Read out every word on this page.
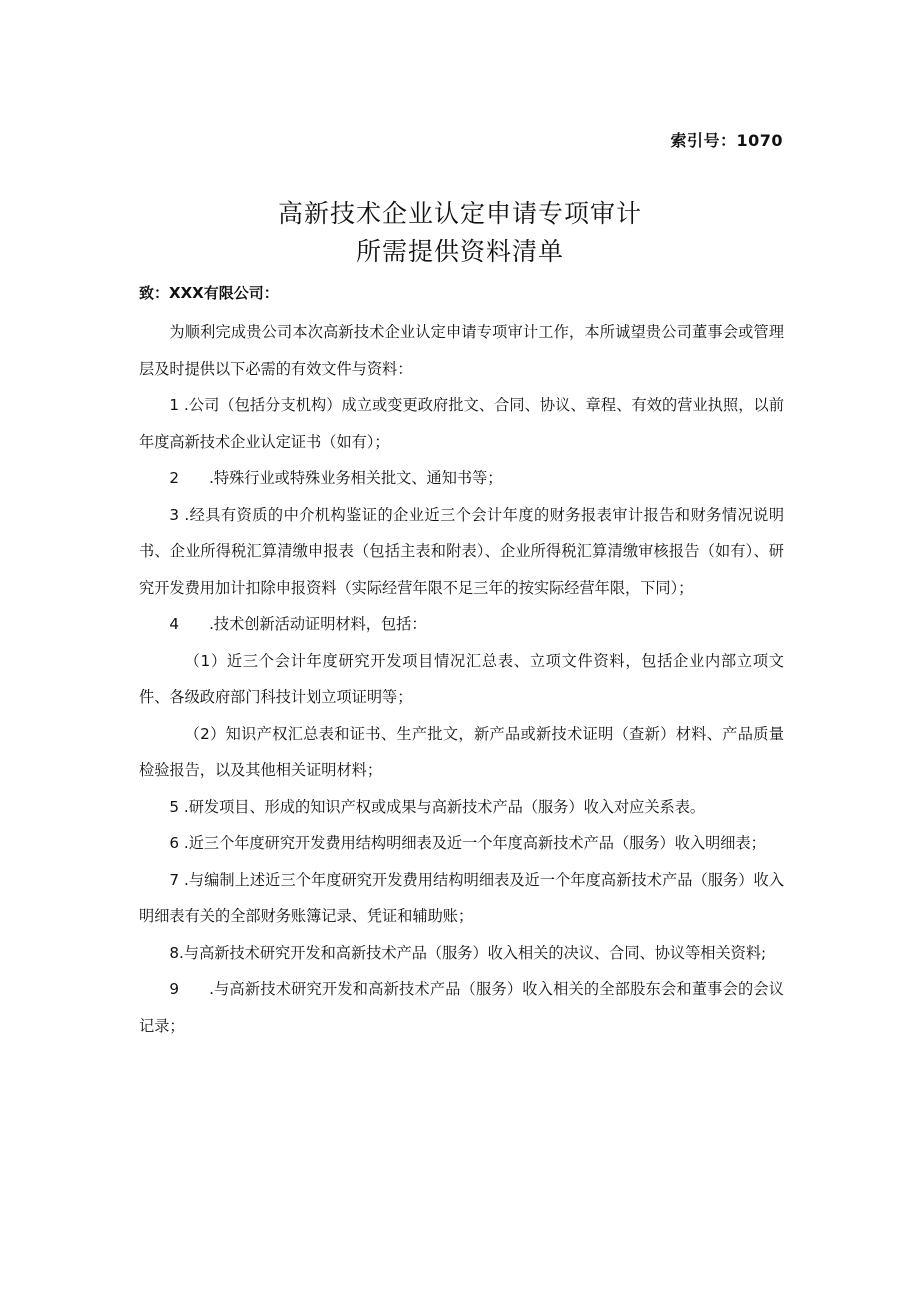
索引号：1070
高新技术企业认定申请专项审计
所需提供资料清单
致：XXX有限公司：

为顺利完成贵公司本次高新技术企业认定申请专项审计工作，本所诚望贵公司董事会或管理层及时提供以下必需的有效文件与资料：

1 .公司（包括分支机构）成立或变更政府批文、合同、协议、章程、有效的营业执照，以前年度高新技术企业认定证书（如有）；

2 .特殊行业或特殊业务相关批文、通知书等；

3 .经具有资质的中介机构鉴证的企业近三个会计年度的财务报表审计报告和财务情况说明书、企业所得税汇算清缴申报表（包括主表和附表）、企业所得税汇算清缴审核报告（如有）、研究开发费用加计扣除申报资料（实际经营年限不足三年的按实际经营年限，下同）；

4 .技术创新活动证明材料，包括：

（1）近三个会计年度研究开发项目情况汇总表、立项文件资料，包括企业内部立项文件、各级政府部门科技计划立项证明等；

（2）知识产权汇总表和证书、生产批文，新产品或新技术证明（查新）材料、产品质量检验报告，以及其他相关证明材料；

5 .研发项目、形成的知识产权或成果与高新技术产品（服务）收入对应关系表。

6 .近三个年度研究开发费用结构明细表及近一个年度高新技术产品（服务）收入明细表；

7 .与编制上述近三个年度研究开发费用结构明细表及近一个年度高新技术产品（服务）收入明细表有关的全部财务账簿记录、凭证和辅助账；

8.与高新技术研究开发和高新技术产品（服务）收入相关的决议、合同、协议等相关资料;

9 .与高新技术研究开发和高新技术产品（服务）收入相关的全部股东会和董事会的会议记录；
